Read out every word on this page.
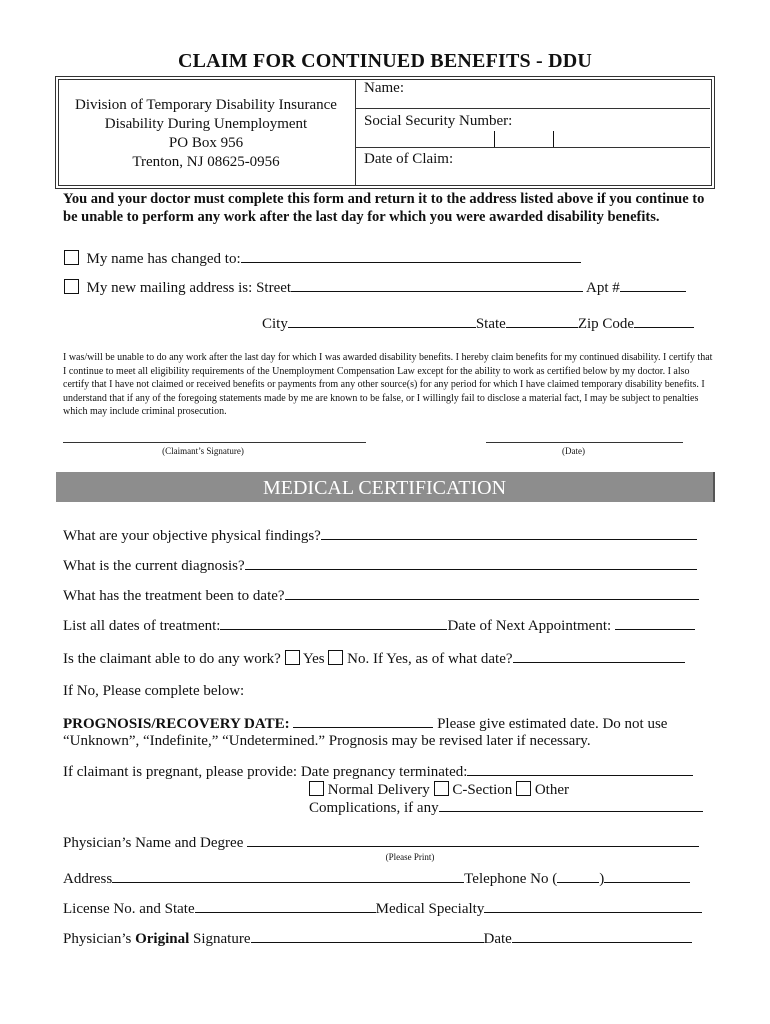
CLAIM FOR CONTINUED BENEFITS - DDU
Division of Temporary Disability Insurance
Disability During Unemployment
PO Box 956
Trenton, NJ 08625-0956
Name:
Social Security Number:
Date of Claim:
You and your doctor must complete this form and return it to the address listed above if you continue to be unable to perform any work after the last day for which you were awarded disability benefits.
My name has changed to:
My new mailing address is: Street	Apt #
City	State	Zip Code
I was/will be unable to do any work after the last day for which I was awarded disability benefits. I hereby claim benefits for my continued disability. I certify that I continue to meet all eligibility requirements of the Unemployment Compensation Law except for the ability to work as certified below by my doctor. I also certify that I have not claimed or received benefits or payments from any other source(s) for any period for which I have claimed temporary disability benefits. I understand that if any of the foregoing statements made by me are known to be false, or I willingly fail to disclose a material fact, I may be subject to penalties which may include criminal prosecution.
(Claimant’s Signature)	(Date)
MEDICAL CERTIFICATION
What are your objective physical findings?
What is the current diagnosis?
What has the treatment been to date?
List all dates of treatment:	Date of Next Appointment:
Is the claimant able to do any work? Yes No. If Yes, as of what date?
If No, Please complete below:
PROGNOSIS/RECOVERY DATE:	Please give estimated date. Do not use
“Unknown”, “Indefinite,” “Undetermined.” Prognosis may be revised later if necessary.
If claimant is pregnant, please provide: Date pregnancy terminated:
Normal Delivery C-Section Other
Complications, if any
Physician’s Name and Degree
(Please Print)
Address	Telephone No (	)
License No. and State	Medical Specialty
Physician’s Original Signature	Date
